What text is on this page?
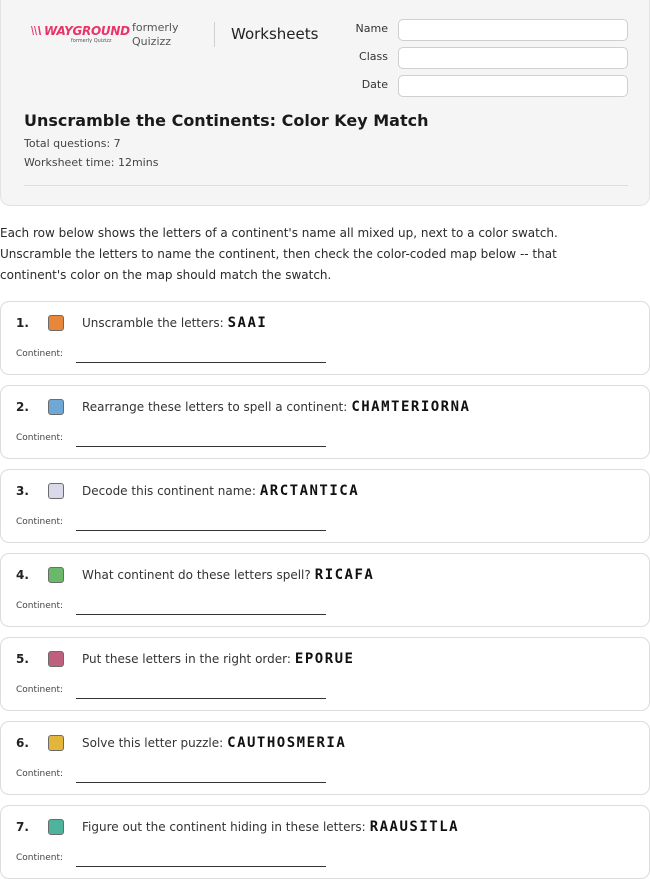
WAYGROUND
formerly Quizizz
formerly
Quizizz	Worksheets	Name
Class
Date
Unscramble the Continents: Color Key Match
Total questions: 7
Worksheet time: 12mins
Each row below shows the letters of a continent's name all mixed up, next to a color swatch.
Unscramble the letters to name the continent, then check the color-coded map below -- that
continent's color on the map should match the swatch.
1.	Unscramble the letters: SAAI
Continent:
2.	Rearrange these letters to spell a continent: CHAMTERIORNA
Continent:
3.	Decode this continent name: ARCTANTICA
Continent:
4.	What continent do these letters spell? RICAFA
Continent:
5.	Put these letters in the right order: EPORUE
Continent:
6.	Solve this letter puzzle: CAUTHOSMERIA
Continent:
7.	Figure out the continent hiding in these letters: RAAUSITLA
Continent:
